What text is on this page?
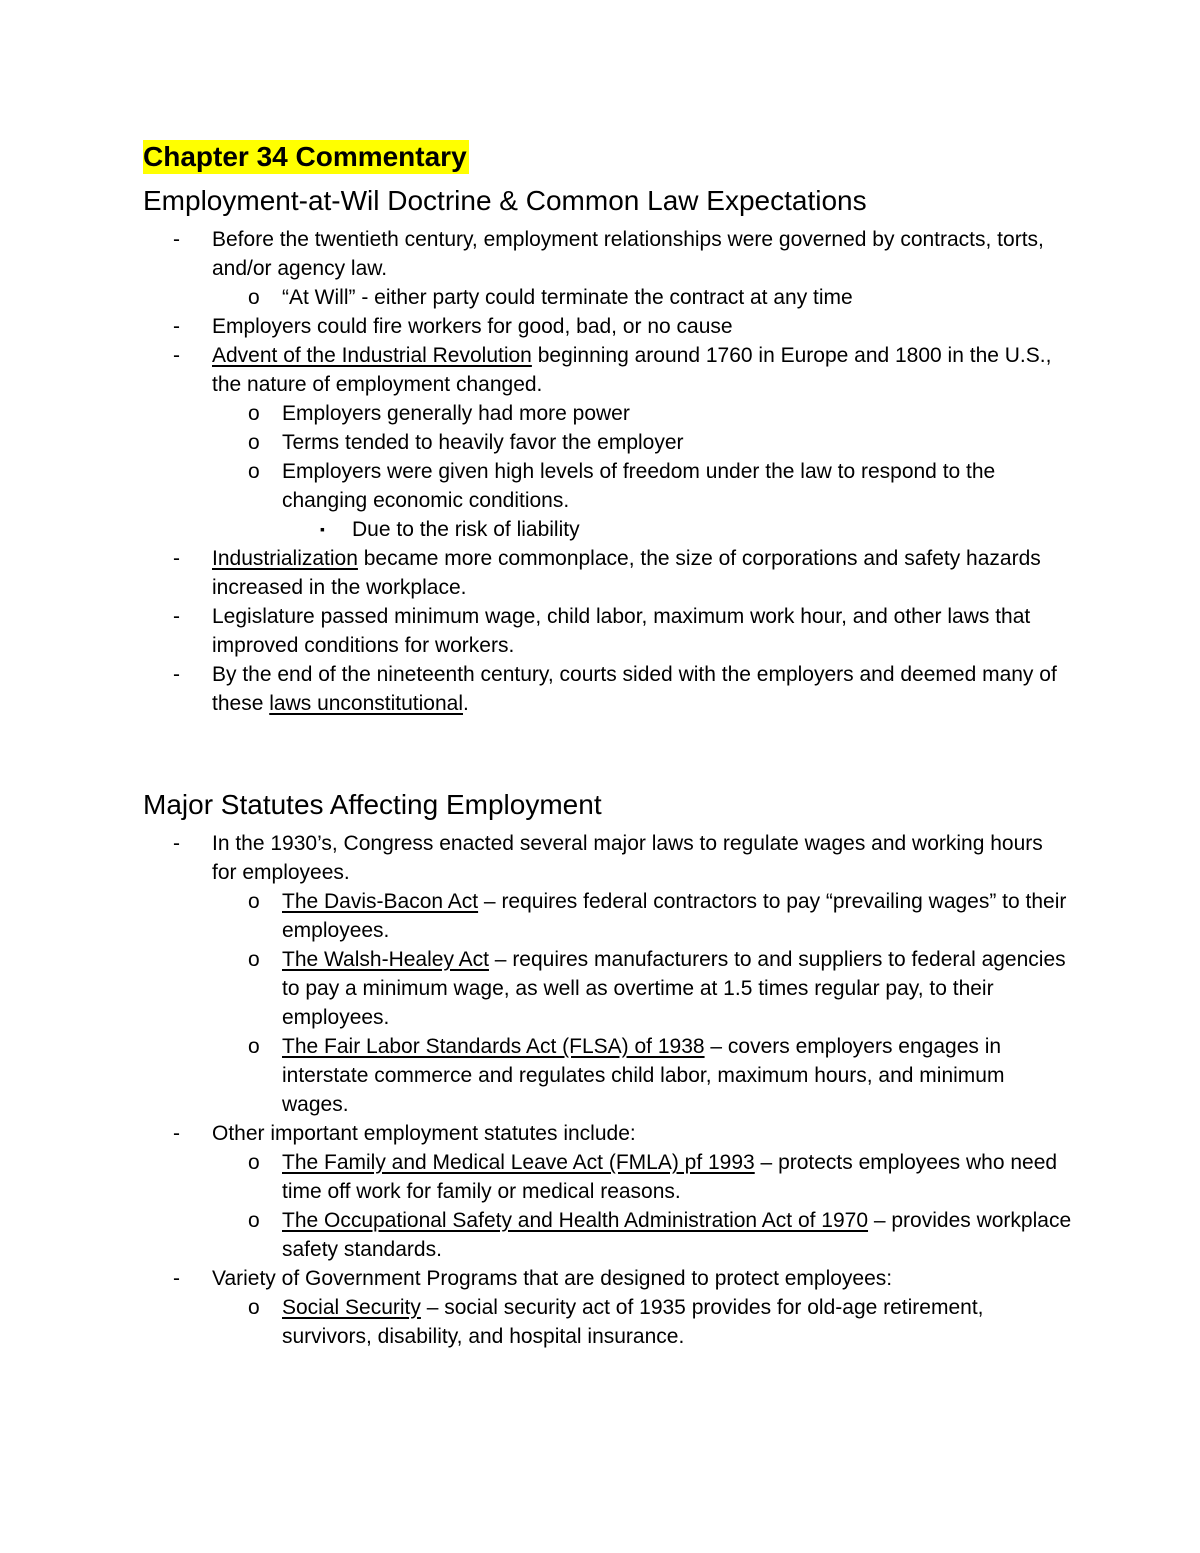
Chapter 34 Commentary
Employment-at-Wil Doctrine & Common Law Expectations
- Before the twentieth century, employment relationships were governed by contracts, torts, and/or agency law.
o “At Will” - either party could terminate the contract at any time
- Employers could fire workers for good, bad, or no cause
- Advent of the Industrial Revolution beginning around 1760 in Europe and 1800 in the U.S., the nature of employment changed.
o Employers generally had more power
o Terms tended to heavily favor the employer
o Employers were given high levels of freedom under the law to respond to the changing economic conditions.
▪ Due to the risk of liability
- Industrialization became more commonplace, the size of corporations and safety hazards increased in the workplace.
- Legislature passed minimum wage, child labor, maximum work hour, and other laws that improved conditions for workers.
- By the end of the nineteenth century, courts sided with the employers and deemed many of these laws unconstitutional.
Major Statutes Affecting Employment
- In the 1930’s, Congress enacted several major laws to regulate wages and working hours for employees.
o The Davis-Bacon Act – requires federal contractors to pay “prevailing wages” to their employees.
o The Walsh-Healey Act – requires manufacturers to and suppliers to federal agencies to pay a minimum wage, as well as overtime at 1.5 times regular pay, to their employees.
o The Fair Labor Standards Act (FLSA) of 1938 – covers employers engages in interstate commerce and regulates child labor, maximum hours, and minimum wages.
- Other important employment statutes include:
o The Family and Medical Leave Act (FMLA) pf 1993 – protects employees who need time off work for family or medical reasons.
o The Occupational Safety and Health Administration Act of 1970 – provides workplace safety standards.
- Variety of Government Programs that are designed to protect employees:
o Social Security – social security act of 1935 provides for old-age retirement, survivors, disability, and hospital insurance.
